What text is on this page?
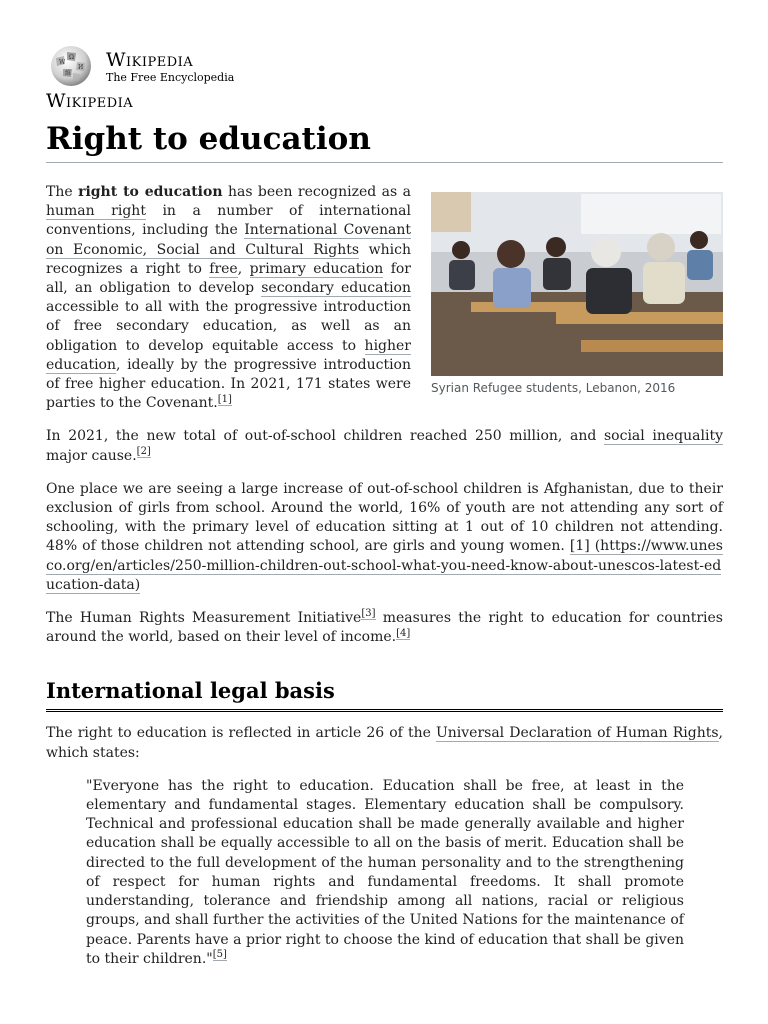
W
Ω
И
維
Wikipedia
The Free Encyclopedia
Wikipedia
Right to education
Syrian Refugee students, Lebanon, 2016

The right to education has been recognized as a human right in a number of international conventions, including the International Covenant on Economic, Social and Cultural Rights which recognizes a right to free, primary education for all, an obligation to develop secondary education accessible to all with the progressive introduction of free secondary education, as well as an obligation to develop equitable access to higher education, ideally by the progressive introduction of free higher education. In 2021, 171 states were parties to the Covenant.[1]

In 2021, the new total of out-of-school children reached 250 million, and social inequality major cause.[2]

One place we are seeing a large increase of out-of-school children is Afghanistan, due to their exclusion of girls from school. Around the world, 16% of youth are not attending any sort of schooling, with the primary level of education sitting at 1 out of 10 children not attending. 48% of those children not attending school, are girls and young women. [1] (https://www.unesco.org/en/articles/250-million-children-out-school-what-you-need-know-about-unescos-latest-education-data)

The Human Rights Measurement Initiative[3] measures the right to education for countries around the world, based on their level of income.[4]

International legal basis

The right to education is reflected in article 26 of the Universal Declaration of Human Rights, which states:

"Everyone has the right to education. Education shall be free, at least in the elementary and fundamental stages. Elementary education shall be compulsory. Technical and professional education shall be made generally available and higher education shall be equally accessible to all on the basis of merit. Education shall be directed to the full development of the human personality and to the strengthening of respect for human rights and fundamental freedoms. It shall promote understanding, tolerance and friendship among all nations, racial or religious groups, and shall further the activities of the United Nations for the maintenance of peace. Parents have a prior right to choose the kind of education that shall be given to their children."[5]
